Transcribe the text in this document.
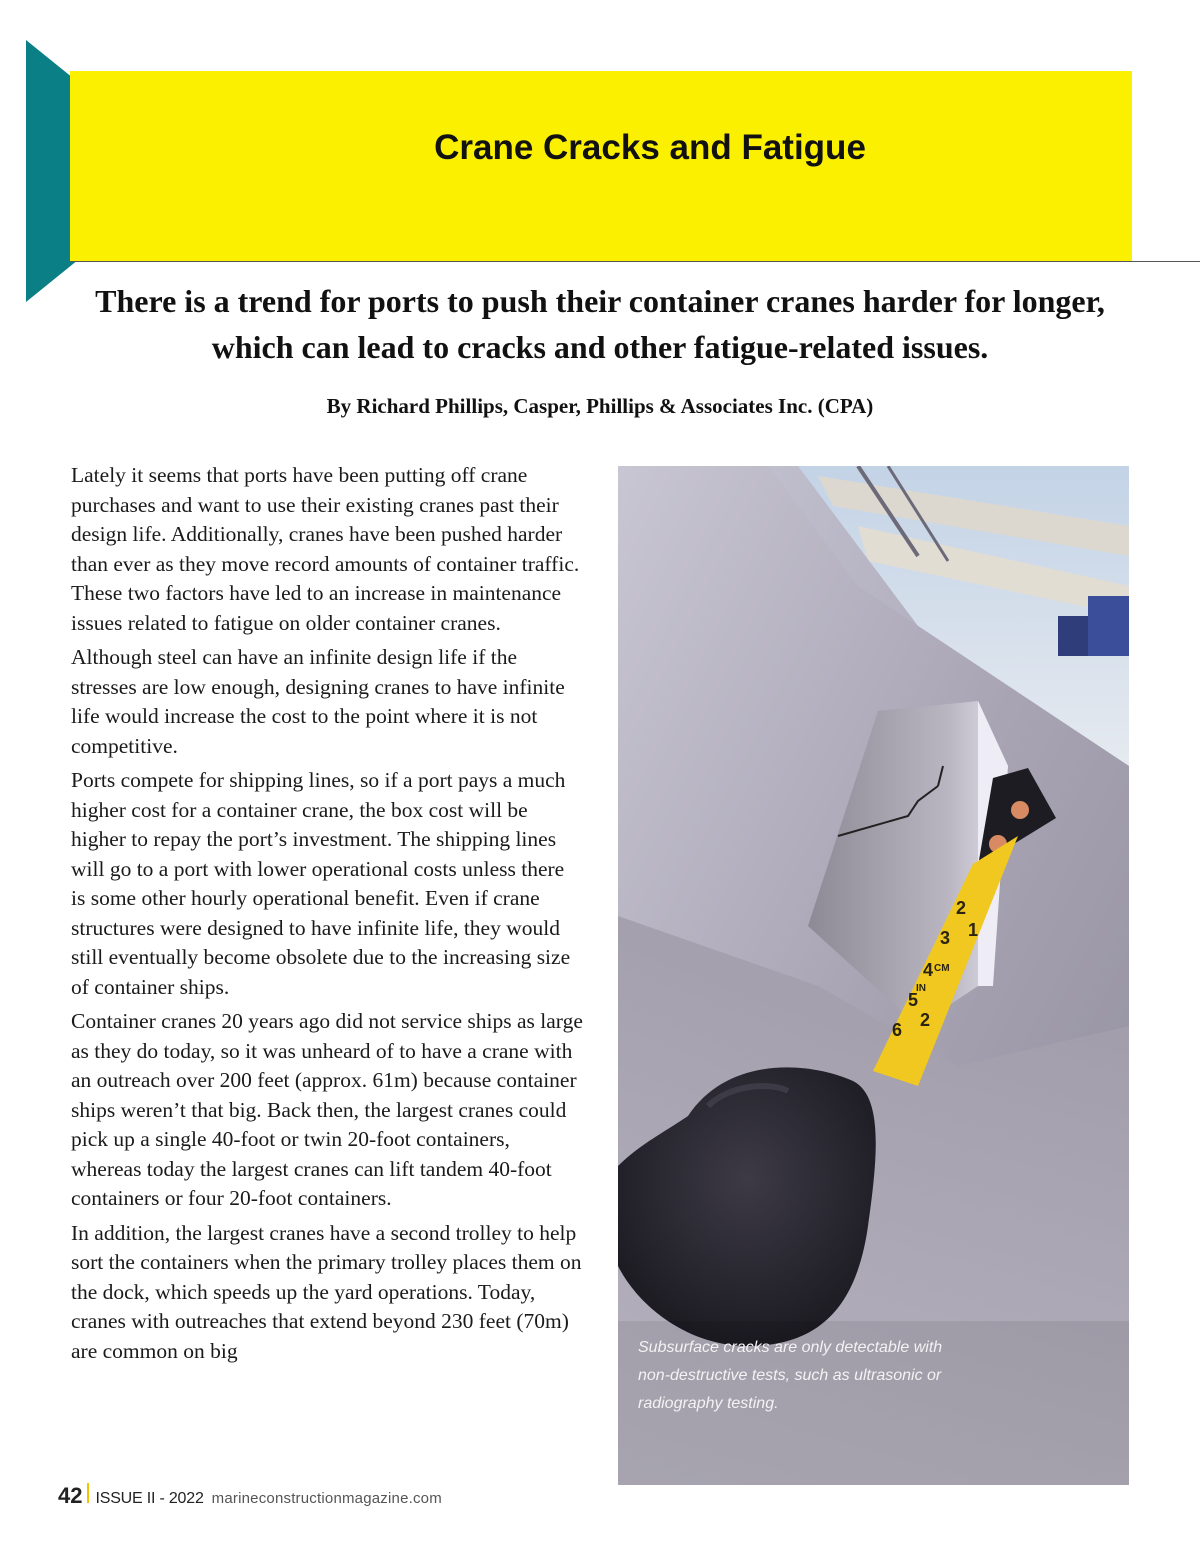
Crane Cracks and Fatigue
There is a trend for ports to push their container cranes harder for longer, which can lead to cracks and other fatigue-related issues.
By Richard Phillips, Casper, Phillips & Associates Inc. (CPA)

Lately it seems that ports have been putting off crane purchases and want to use their existing cranes past their design life. Additionally, cranes have been pushed harder than ever as they move record amounts of container traffic. These two factors have led to an increase in maintenance issues related to fatigue on older container cranes.

Although steel can have an infinite design life if the stresses are low enough, designing cranes to have infinite life would increase the cost to the point where it is not competitive.

Ports compete for shipping lines, so if a port pays a much higher cost for a container crane, the box cost will be higher to repay the port’s investment. The shipping lines will go to a port with lower operational costs unless there is some other hourly operational benefit. Even if crane structures were designed to have infinite life, they would still eventually become obsolete due to the increasing size of container ships.

Container cranes 20 years ago did not service ships as large as they do today, so it was unheard of to have a crane with an outreach over 200 feet (approx. 61m) because container ships weren’t that big. Back then, the largest cranes could pick up a single 40-foot or twin 20-foot containers, whereas today the largest cranes can lift tandem 40-foot containers or four 20-foot containers.

In addition, the largest cranes have a second trolley to help sort the containers when the primary trolley places them on the dock, which speeds up the yard operations. Today, cranes with outreaches that extend beyond 230 feet (70m) are common on big

2
3
4
5
6
1
2
CM
IN
Subsurface cracks are only detectable with non-destructive tests, such as ultrasonic or radiography testing.
42 ISSUE II - 2022 marineconstructionmagazine.com
